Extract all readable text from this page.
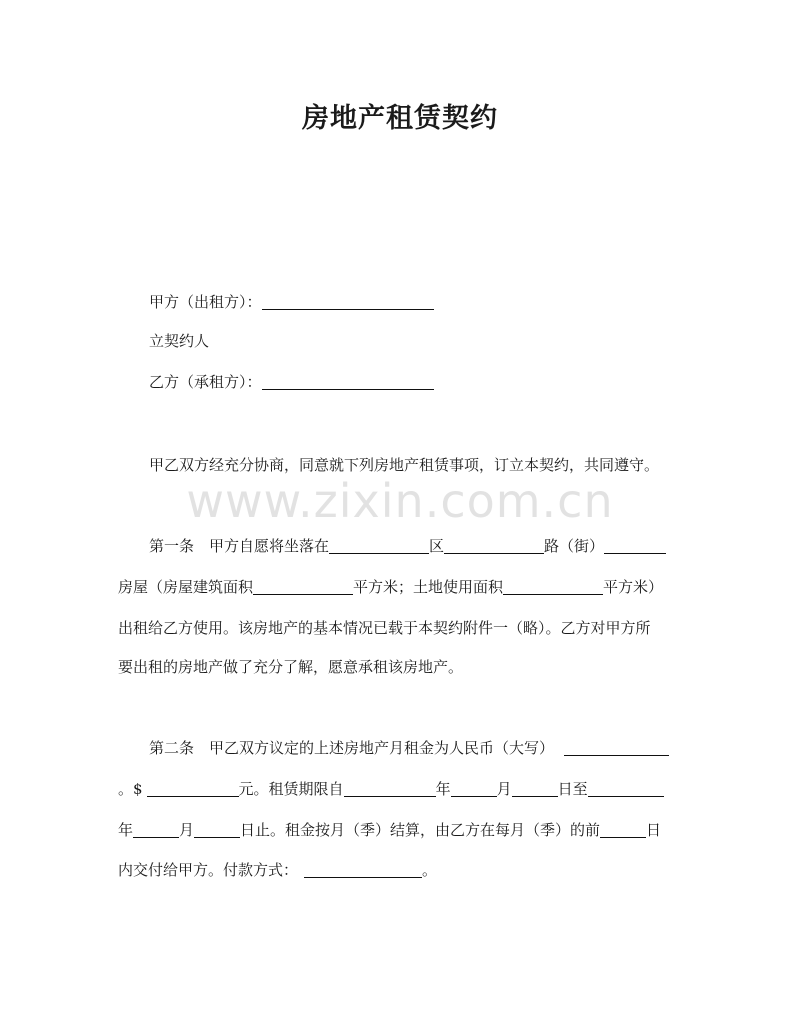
房地产租赁契约
www.zixin.com.cn
甲方（出租方）：
立契约人
乙方（承租方）：
甲乙双方经充分协商，同意就下列房地产租赁事项，订立本契约，共同遵守。
第一条　甲方自愿将坐落在	区	路（街）
房屋（房屋建筑面积	平方米；土地使用面积	平方米）
出租给乙方使用。该房地产的基本情况已载于本契约附件一（略）。乙方对甲方所
要出租的房地产做了充分了解，愿意承租该房地产。
第二条　甲乙双方议定的上述房地产月租金为人民币（大写）
。$	元。租赁期限自	年	月	日至
年	月	日止。租金按月（季）结算，由乙方在每月（季）的前	日
内交付给甲方。付款方式：	。
